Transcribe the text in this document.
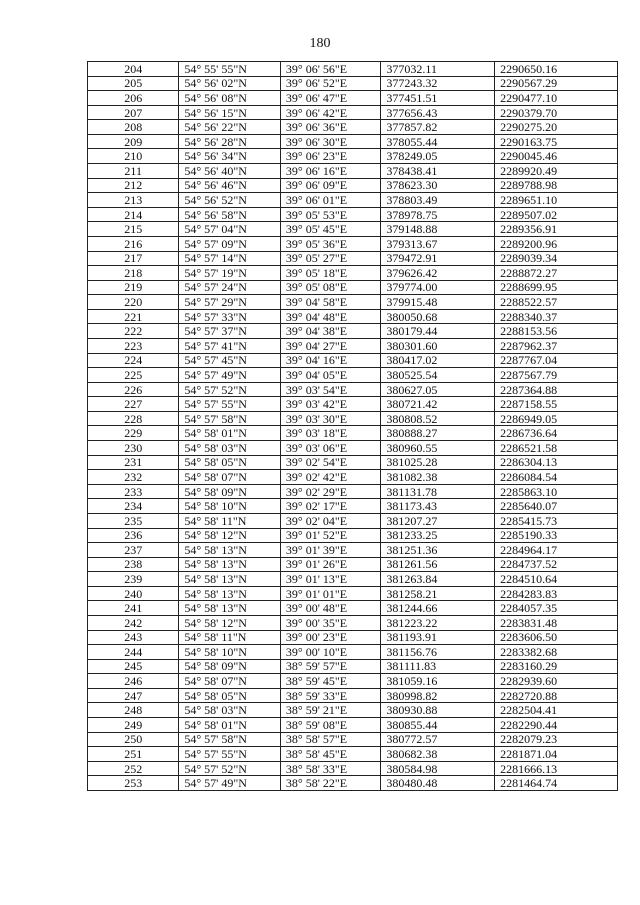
180
204	54° 55' 55"N	39° 06' 56"E	377032.11	2290650.16
205	54° 56' 02"N	39° 06' 52"E	377243.32	2290567.29
206	54° 56' 08"N	39° 06' 47"E	377451.51	2290477.10
207	54° 56' 15"N	39° 06' 42"E	377656.43	2290379.70
208	54° 56' 22"N	39° 06' 36"E	377857.82	2290275.20
209	54° 56' 28"N	39° 06' 30"E	378055.44	2290163.75
210	54° 56' 34"N	39° 06' 23"E	378249.05	2290045.46
211	54° 56' 40"N	39° 06' 16"E	378438.41	2289920.49
212	54° 56' 46"N	39° 06' 09"E	378623.30	2289788.98
213	54° 56' 52"N	39° 06' 01"E	378803.49	2289651.10
214	54° 56' 58"N	39° 05' 53"E	378978.75	2289507.02
215	54° 57' 04"N	39° 05' 45"E	379148.88	2289356.91
216	54° 57' 09"N	39° 05' 36"E	379313.67	2289200.96
217	54° 57' 14"N	39° 05' 27"E	379472.91	2289039.34
218	54° 57' 19"N	39° 05' 18"E	379626.42	2288872.27
219	54° 57' 24"N	39° 05' 08"E	379774.00	2288699.95
220	54° 57' 29"N	39° 04' 58"E	379915.48	2288522.57
221	54° 57' 33"N	39° 04' 48"E	380050.68	2288340.37
222	54° 57' 37"N	39° 04' 38"E	380179.44	2288153.56
223	54° 57' 41"N	39° 04' 27"E	380301.60	2287962.37
224	54° 57' 45"N	39° 04' 16"E	380417.02	2287767.04
225	54° 57' 49"N	39° 04' 05"E	380525.54	2287567.79
226	54° 57' 52"N	39° 03' 54"E	380627.05	2287364.88
227	54° 57' 55"N	39° 03' 42"E	380721.42	2287158.55
228	54° 57' 58"N	39° 03' 30"E	380808.52	2286949.05
229	54° 58' 01"N	39° 03' 18"E	380888.27	2286736.64
230	54° 58' 03"N	39° 03' 06"E	380960.55	2286521.58
231	54° 58' 05"N	39° 02' 54"E	381025.28	2286304.13
232	54° 58' 07"N	39° 02' 42"E	381082.38	2286084.54
233	54° 58' 09"N	39° 02' 29"E	381131.78	2285863.10
234	54° 58' 10"N	39° 02' 17"E	381173.43	2285640.07
235	54° 58' 11"N	39° 02' 04"E	381207.27	2285415.73
236	54° 58' 12"N	39° 01' 52"E	381233.25	2285190.33
237	54° 58' 13"N	39° 01' 39"E	381251.36	2284964.17
238	54° 58' 13"N	39° 01' 26"E	381261.56	2284737.52
239	54° 58' 13"N	39° 01' 13"E	381263.84	2284510.64
240	54° 58' 13"N	39° 01' 01"E	381258.21	2284283.83
241	54° 58' 13"N	39° 00' 48"E	381244.66	2284057.35
242	54° 58' 12"N	39° 00' 35"E	381223.22	2283831.48
243	54° 58' 11"N	39° 00' 23"E	381193.91	2283606.50
244	54° 58' 10"N	39° 00' 10"E	381156.76	2283382.68
245	54° 58' 09"N	38° 59' 57"E	381111.83	2283160.29
246	54° 58' 07"N	38° 59' 45"E	381059.16	2282939.60
247	54° 58' 05"N	38° 59' 33"E	380998.82	2282720.88
248	54° 58' 03"N	38° 59' 21"E	380930.88	2282504.41
249	54° 58' 01"N	38° 59' 08"E	380855.44	2282290.44
250	54° 57' 58"N	38° 58' 57"E	380772.57	2282079.23
251	54° 57' 55"N	38° 58' 45"E	380682.38	2281871.04
252	54° 57' 52"N	38° 58' 33"E	380584.98	2281666.13
253	54° 57' 49"N	38° 58' 22"E	380480.48	2281464.74
